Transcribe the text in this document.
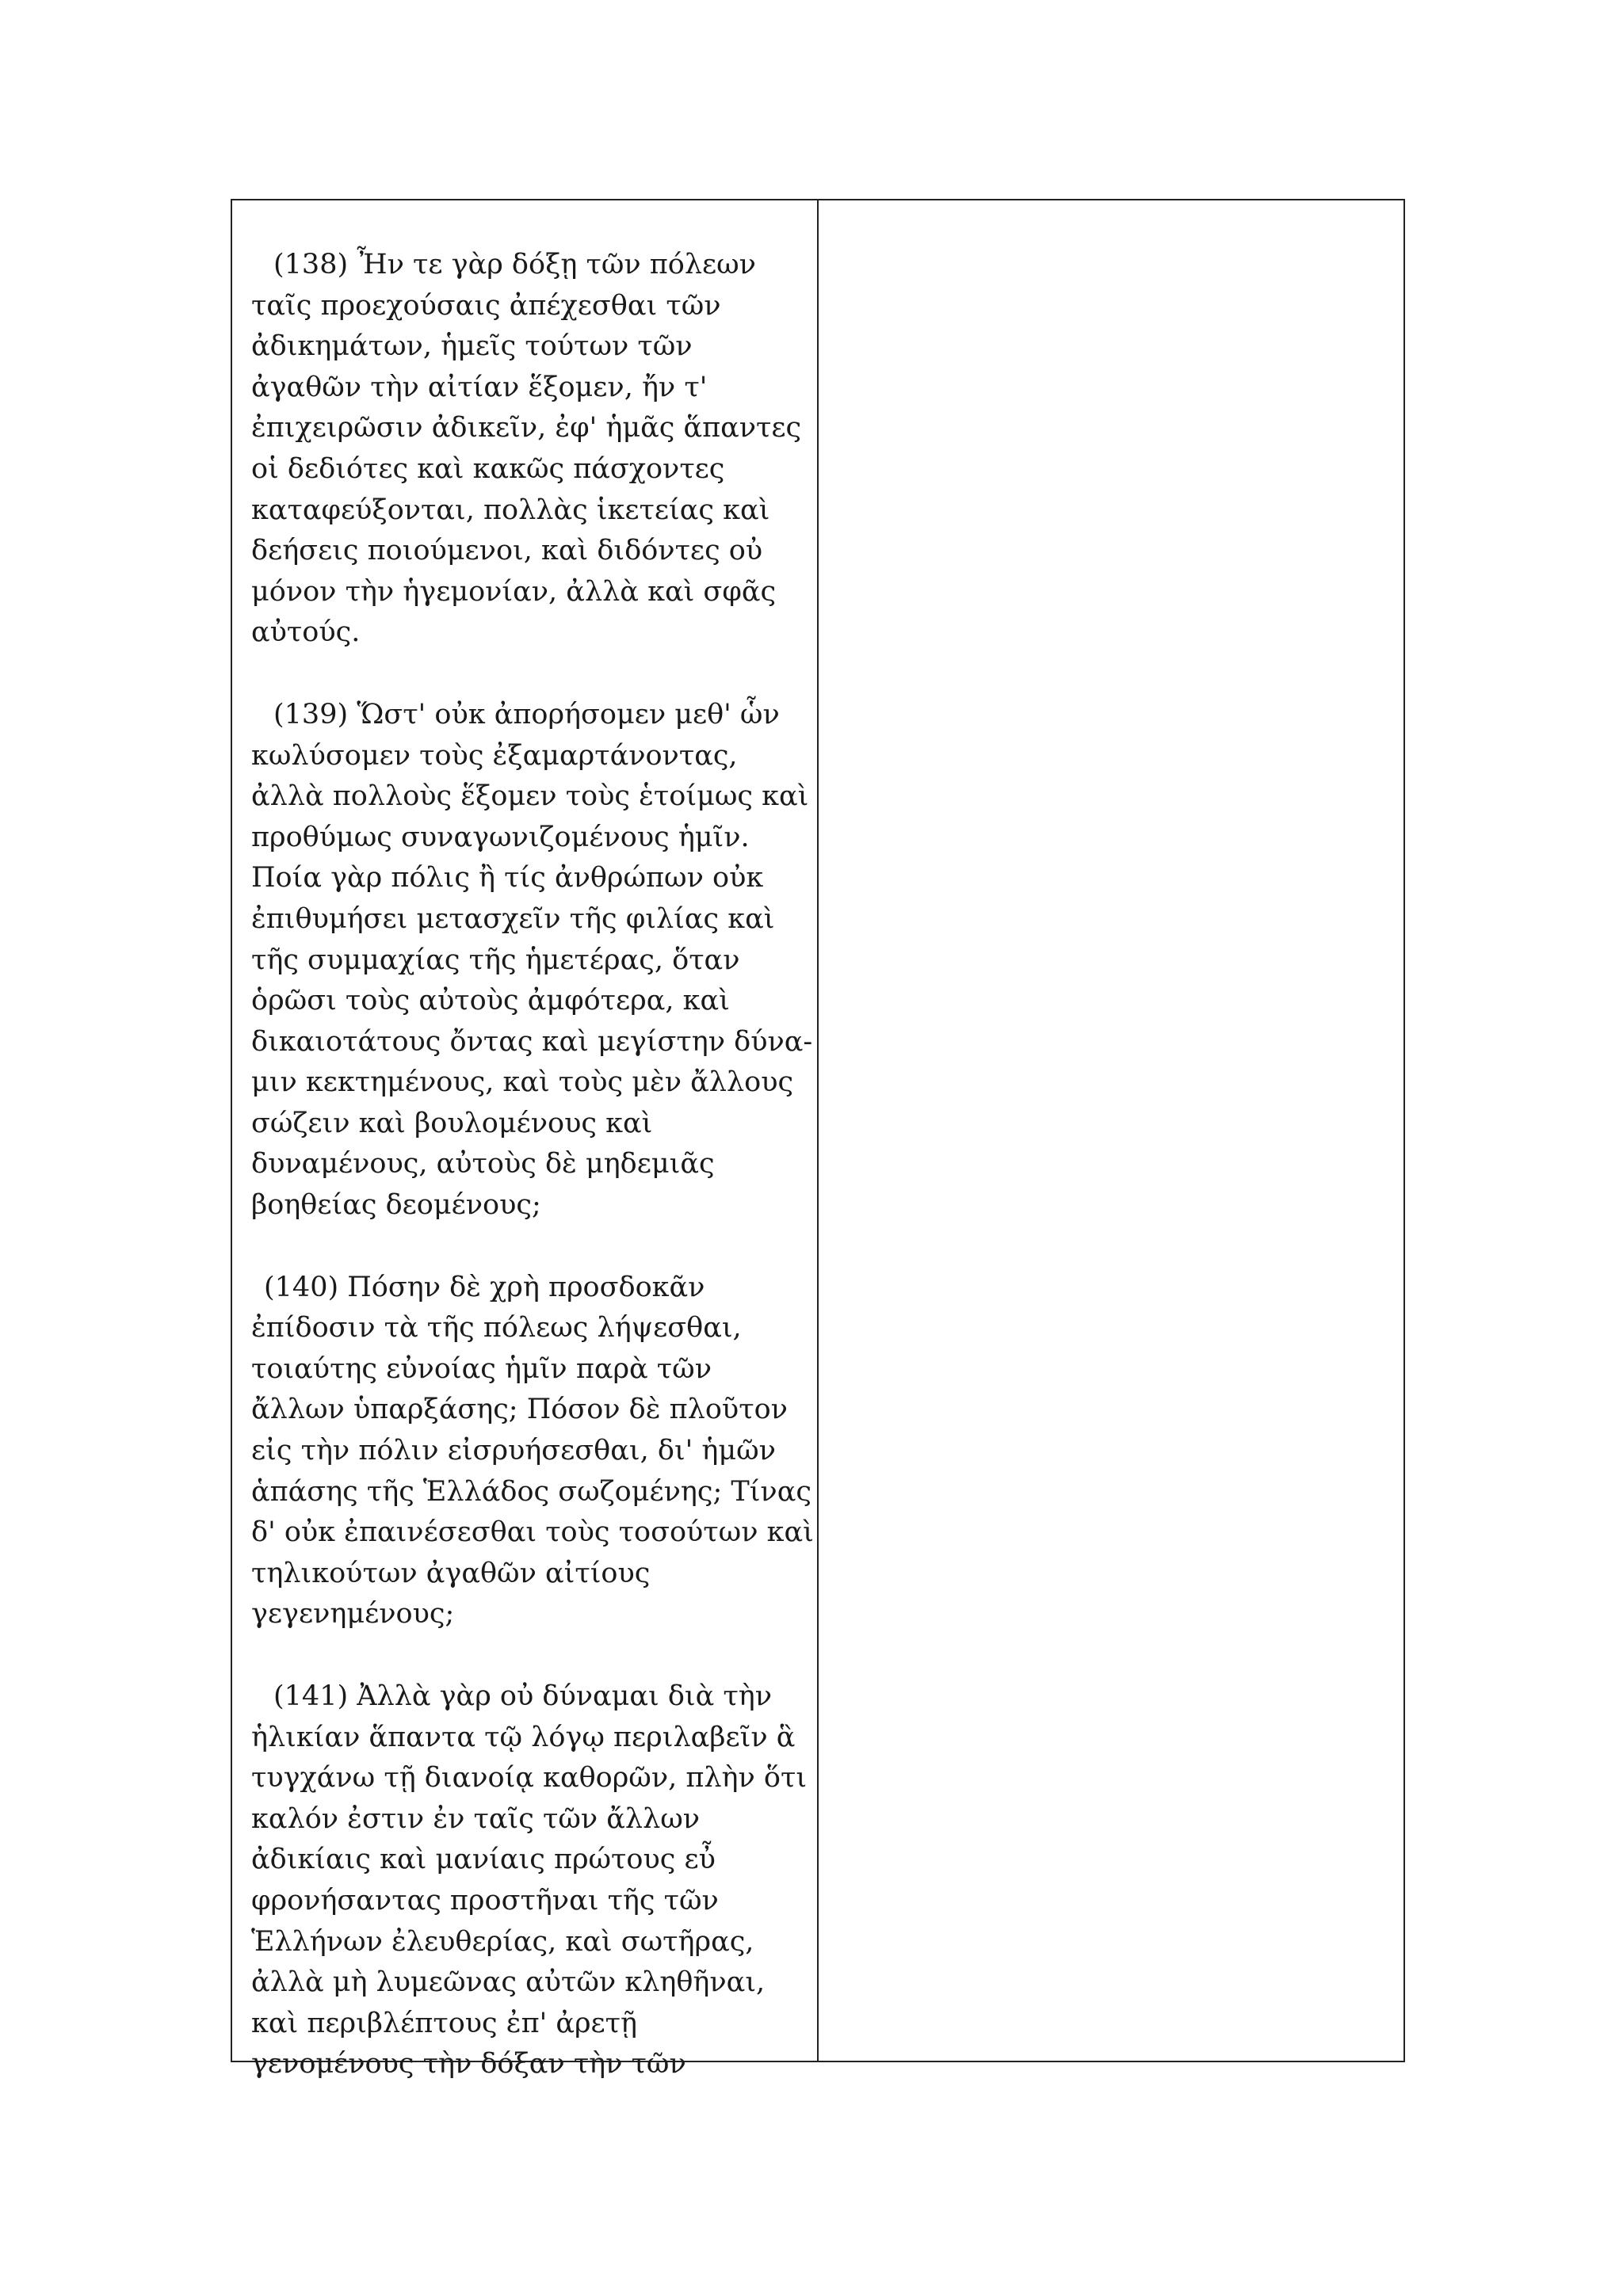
(138) Ἦν τε γὰρ δόξῃ τῶν πόλεων
ταῖς προεχούσαις ἀπέχεσθαι τῶν
ἀδικημάτων, ἡμεῖς τούτων τῶν
ἀγαθῶν τὴν αἰτίαν ἕξομεν, ἤν τ'
ἐπιχειρῶσιν ἀδικεῖν, ἐφ' ἡμᾶς ἅπαντες
οἱ δεδιότες καὶ κακῶς πάσχοντες
καταφεύξονται, πολλὰς ἱκετείας καὶ
δεήσεις ποιούμενοι, καὶ διδόντες οὐ
μόνον τὴν ἡγεμονίαν, ἀλλὰ καὶ σφᾶς
αὐτούς.
(139) Ὥστ' οὐκ ἀπορήσομεν μεθ' ὧν
κωλύσομεν τοὺς ἐξαμαρτάνοντας,
ἀλλὰ πολλοὺς ἕξομεν τοὺς ἑτοίμως καὶ
προθύμως συναγωνιζομένους ἡμῖν.
Ποία γὰρ πόλις ἢ τίς ἀνθρώπων οὐκ
ἐπιθυμήσει μετασχεῖν τῆς φιλίας καὶ
τῆς συμμαχίας τῆς ἡμετέρας, ὅταν
ὁρῶσι τοὺς αὐτοὺς ἀμφότερα, καὶ
δικαιοτάτους ὄντας καὶ μεγίστην δύνα-
μιν κεκτημένους, καὶ τοὺς μὲν ἄλλους
σώζειν καὶ βουλομένους καὶ
δυναμένους, αὐτοὺς δὲ μηδεμιᾶς
βοηθείας δεομένους;
(140) Πόσην δὲ χρὴ προσδοκᾶν
ἐπίδοσιν τὰ τῆς πόλεως λήψεσθαι,
τοιαύτης εὐνοίας ἡμῖν παρὰ τῶν
ἄλλων ὑπαρξάσης; Πόσον δὲ πλοῦτον
εἰς τὴν πόλιν εἰσρυήσεσθαι, δι' ἡμῶν
ἁπάσης τῆς Ἑλλάδος σωζομένης; Τίνας
δ' οὐκ ἐπαινέσεσθαι τοὺς τοσούτων καὶ
τηλικούτων ἀγαθῶν αἰτίους
γεγενημένους;
(141) Ἀλλὰ γὰρ οὐ δύναμαι διὰ τὴν
ἡλικίαν ἅπαντα τῷ λόγῳ περιλαβεῖν ἃ
τυγχάνω τῇ διανοίᾳ καθορῶν, πλὴν ὅτι
καλόν ἐστιν ἐν ταῖς τῶν ἄλλων
ἀδικίαις καὶ μανίαις πρώτους εὖ
φρονήσαντας προστῆναι τῆς τῶν
Ἑλλήνων ἐλευθερίας, καὶ σωτῆρας,
ἀλλὰ μὴ λυμεῶνας αὐτῶν κληθῆναι,
καὶ περιβλέπτους ἐπ' ἀρετῇ
γενομένους τὴν δόξαν τὴν τῶν
